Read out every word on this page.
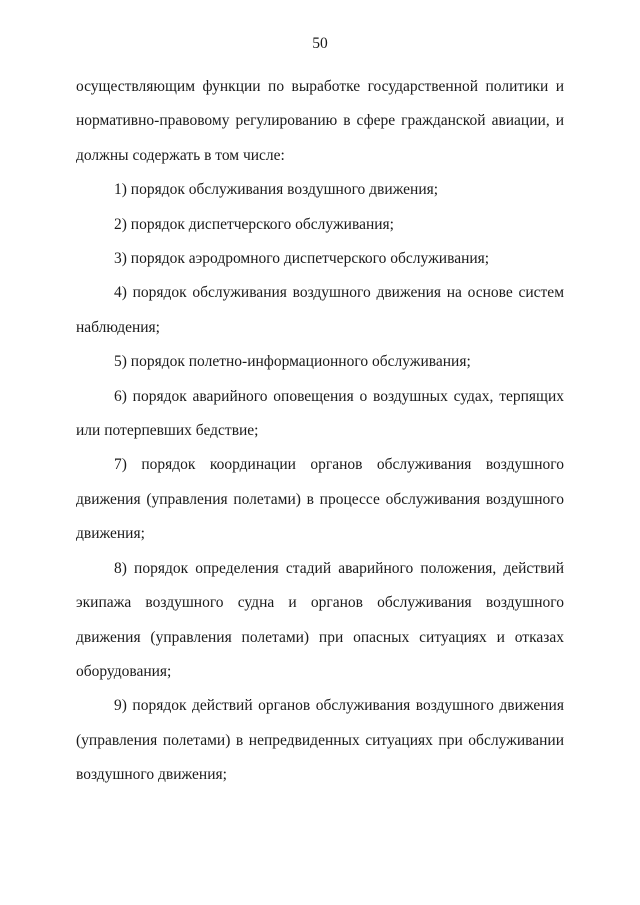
50

осуществляющим функции по выработке государственной политики и нормативно-правовому регулированию в сфере гражданской авиации, и должны содержать в том числе:

1) порядок обслуживания воздушного движения;

2) порядок диспетчерского обслуживания;

3) порядок аэродромного диспетчерского обслуживания;

4) порядок обслуживания воздушного движения на основе систем наблюдения;

5) порядок полетно-информационного обслуживания;

6) порядок аварийного оповещения о воздушных судах, терпящих или потерпевших бедствие;

7) порядок координации органов обслуживания воздушного движения (управления полетами) в процессе обслуживания воздушного движения;

8) порядок определения стадий аварийного положения, действий экипажа воздушного судна и органов обслуживания воздушного движения (управления полетами) при опасных ситуациях и отказах оборудования;

9) порядок действий органов обслуживания воздушного движения (управления полетами) в непредвиденных ситуациях при обслуживании воздушного движения;
